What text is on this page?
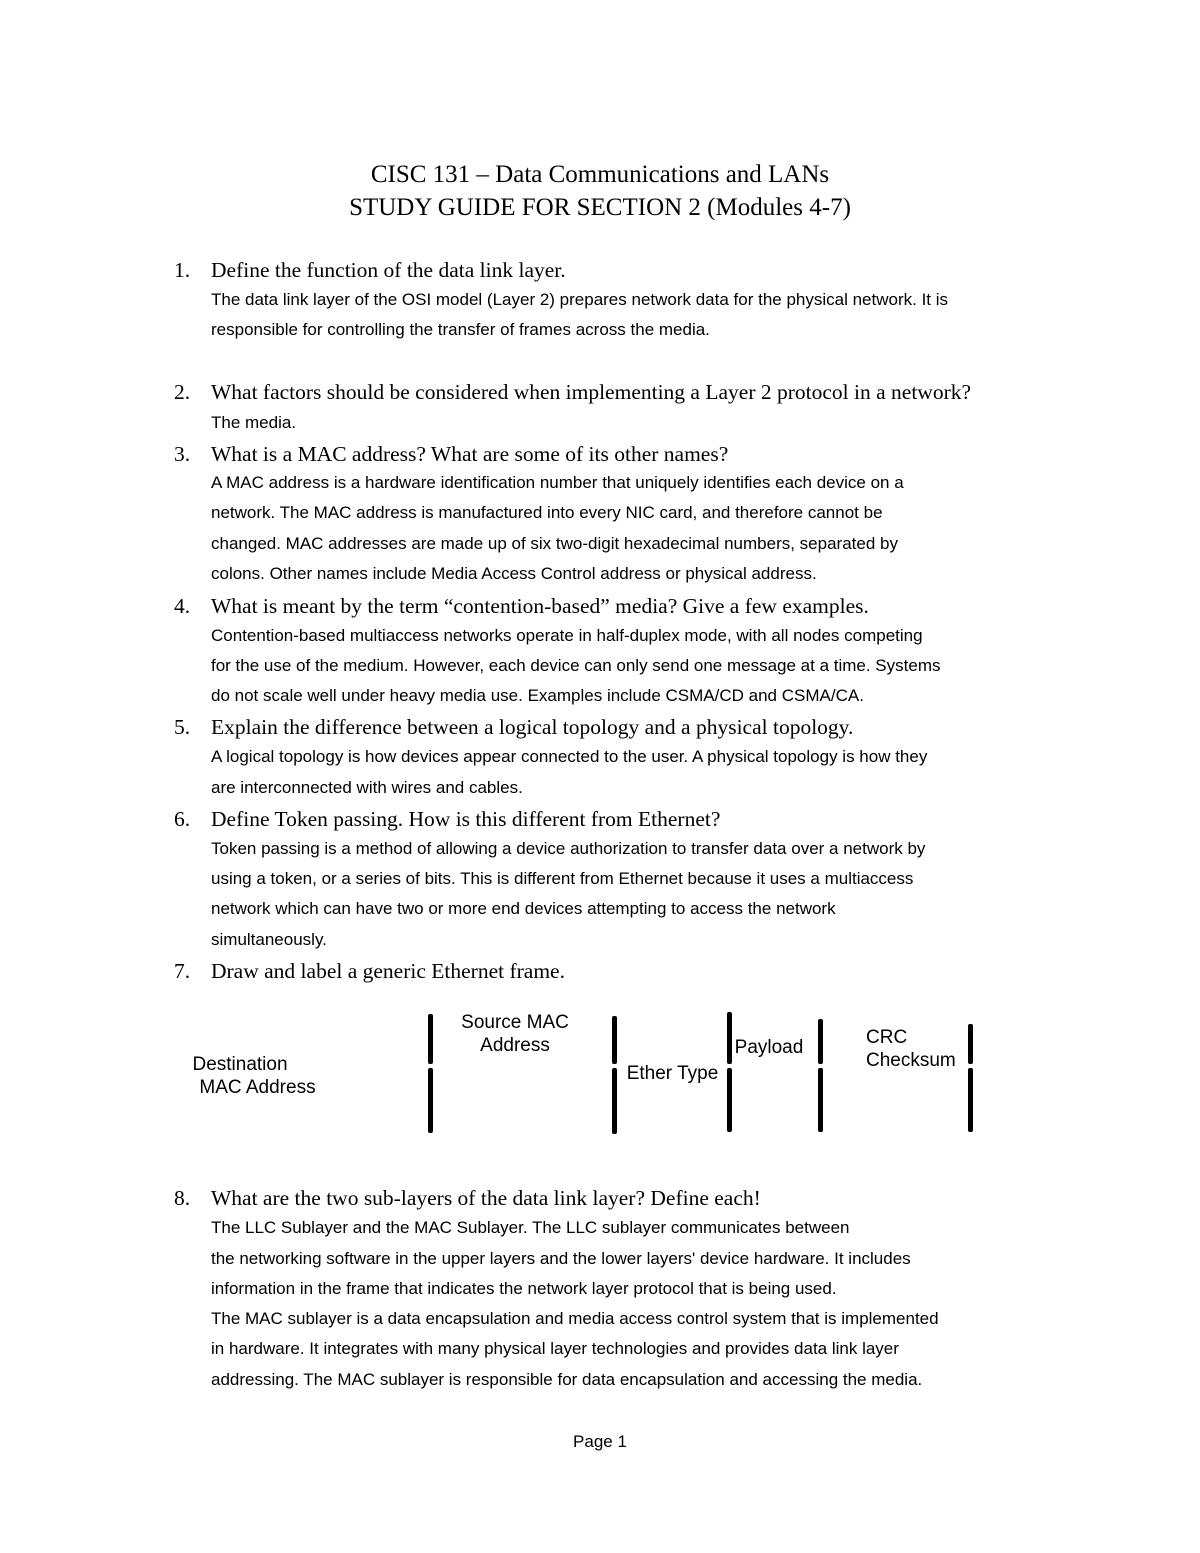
CISC 131 – Data Communications and LANs
STUDY GUIDE FOR SECTION 2 (Modules 4-7)
1. Define the function of the data link layer.
The data link layer of the OSI model (Layer 2) prepares network data for the physical network. It is
responsible for controlling the transfer of frames across the media.
2. What factors should be considered when implementing a Layer 2 protocol in a network?
The media.
3. What is a MAC address? What are some of its other names?
A MAC address is a hardware identification number that uniquely identifies each device on a
network. The MAC address is manufactured into every NIC card, and therefore cannot be
changed. MAC addresses are made up of six two-digit hexadecimal numbers, separated by
colons. Other names include Media Access Control address or physical address.
4. What is meant by the term “contention-based” media? Give a few examples.
Contention-based multiaccess networks operate in half-duplex mode, with all nodes competing
for the use of the medium. However, each device can only send one message at a time. Systems
do not scale well under heavy media use. Examples include CSMA/CD and CSMA/CA.
5. Explain the difference between a logical topology and a physical topology.
A logical topology is how devices appear connected to the user. A physical topology is how they
are interconnected with wires and cables.
6. Define Token passing. How is this different from Ethernet?
Token passing is a method of allowing a device authorization to transfer data over a network by
using a token, or a series of bits. This is different from Ethernet because it uses a multiaccess
network which can have two or more end devices attempting to access the network
simultaneously.
7. Draw and label a generic Ethernet frame.
Destination
MAC Address
Source MAC
Address
Ether Type
Payload	CRC
Checksum
8. What are the two sub-layers of the data link layer? Define each!
The LLC Sublayer and the MAC Sublayer. The LLC sublayer communicates between
the networking software in the upper layers and the lower layers' device hardware. It includes
information in the frame that indicates the network layer protocol that is being used.
The MAC sublayer is a data encapsulation and media access control system that is implemented
in hardware. It integrates with many physical layer technologies and provides data link layer
addressing. The MAC sublayer is responsible for data encapsulation and accessing the media.
Page 1
